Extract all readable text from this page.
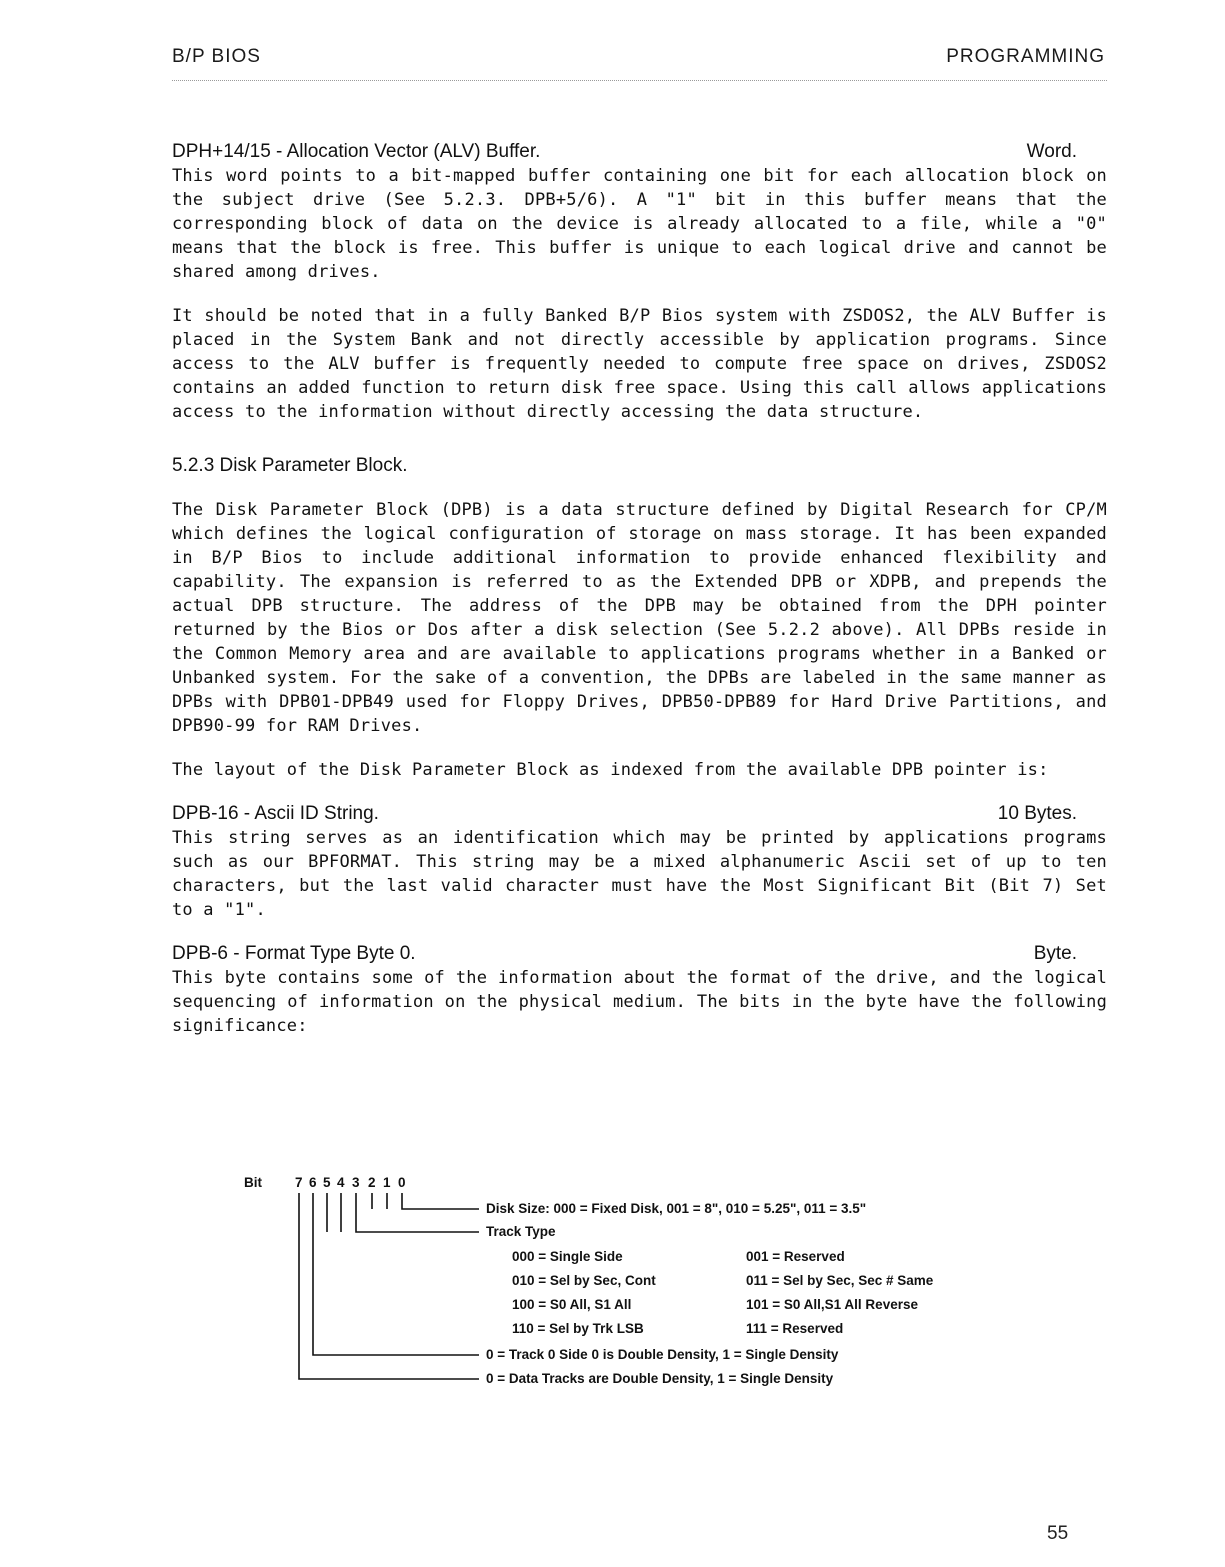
B/P BIOS	PROGRAMMING
DPH+14/15 - Allocation Vector (ALV) Buffer.	Word.

This word points to a bit-mapped buffer containing one bit for each allocation block on the subject drive (See 5.2.3. DPB+5/6). A "1" bit in this buffer means that the corresponding block of data on the device is already allocated to a file, while a "0" means that the block is free. This buffer is unique to each logical drive and cannot be shared among drives.

It should be noted that in a fully Banked B/P Bios system with ZSDOS2, the ALV Buffer is placed in the System Bank and not directly accessible by application programs. Since access to the ALV buffer is frequently needed to compute free space on drives, ZSDOS2 contains an added function to return disk free space. Using this call allows applications access to the information without directly accessing the data structure.

5.2.3 Disk Parameter Block.

The Disk Parameter Block (DPB) is a data structure defined by Digital Research for CP/M which defines the logical configuration of storage on mass storage. It has been expanded in B/P Bios to include additional information to provide enhanced flexibility and capability. The expansion is referred to as the Extended DPB or XDPB, and prepends the actual DPB structure. The address of the DPB may be obtained from the DPH pointer returned by the Bios or Dos after a disk selection (See 5.2.2 above). All DPBs reside in the Common Memory area and are available to applications programs whether in a Banked or Unbanked system. For the sake of a convention, the DPBs are labeled in the same manner as DPBs with DPB01-DPB49 used for Floppy Drives, DPB50-DPB89 for Hard Drive Partitions, and DPB90-99 for RAM Drives.

The layout of the Disk Parameter Block as indexed from the available DPB pointer is:

DPB-16 - Ascii ID String.	10 Bytes.

This string serves as an identification which may be printed by applications programs such as our BPFORMAT. This string may be a mixed alphanumeric Ascii set of up to ten characters, but the last valid character must have the Most Significant Bit (Bit 7) Set to a "1".

DPB-6 - Format Type Byte 0.	Byte.

This byte contains some of the information about the format of the drive, and the logical sequencing of information on the physical medium. The bits in the byte have the following significance:

Bit 7 6 5 4 3 2 1 0
Disk Size: 000 = Fixed Disk, 001 = 8", 010 = 5.25", 011 = 3.5"
Track Type
000 = Single Side	001 = Reserved
010 = Sel by Sec, Cont	011 = Sel by Sec, Sec # Same
100 = S0 All, S1 All	101 = S0 All,S1 All Reverse
110 = Sel by Trk LSB	111 = Reserved
0 = Track 0 Side 0 is Double Density, 1 = Single Density
0 = Data Tracks are Double Density, 1 = Single Density
55
